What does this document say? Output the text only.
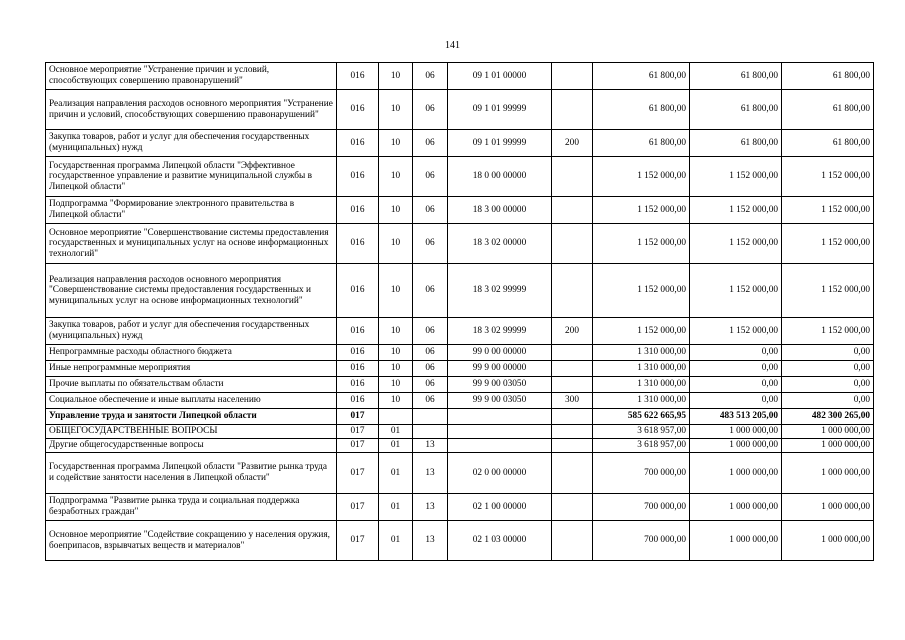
141
Основное мероприятие "Устранение причин и условий, способствующих совершению правонарушений"	016	10	06	09 1 01 00000		61 800,00	61 800,00	61 800,00
Реализация направления расходов основного мероприятия "Устранение причин и условий, способствующих совершению правонарушений"	016	10	06	09 1 01 99999		61 800,00	61 800,00	61 800,00
Закупка товаров, работ и услуг для обеспечения государственных (муниципальных) нужд	016	10	06	09 1 01 99999	200	61 800,00	61 800,00	61 800,00
Государственная программа Липецкой области "Эффективное государственное управление и развитие муниципальной службы в Липецкой области"	016	10	06	18 0 00 00000		1 152 000,00	1 152 000,00	1 152 000,00
Подпрограмма "Формирование электронного правительства в Липецкой области"	016	10	06	18 3 00 00000		1 152 000,00	1 152 000,00	1 152 000,00
Основное мероприятие "Совершенствование системы предоставления государственных и муниципальных услуг на основе информационных технологий"	016	10	06	18 3 02 00000		1 152 000,00	1 152 000,00	1 152 000,00
Реализация направления расходов основного мероприятия "Совершенствование системы предоставления государственных и муниципальных услуг на основе информационных технологий"	016	10	06	18 3 02 99999		1 152 000,00	1 152 000,00	1 152 000,00
Закупка товаров, работ и услуг для обеспечения государственных (муниципальных) нужд	016	10	06	18 3 02 99999	200	1 152 000,00	1 152 000,00	1 152 000,00
Непрограммные расходы областного бюджета	016	10	06	99 0 00 00000		1 310 000,00	0,00	0,00
Иные непрограммные мероприятия	016	10	06	99 9 00 00000		1 310 000,00	0,00	0,00
Прочие выплаты по обязательствам области	016	10	06	99 9 00 03050		1 310 000,00	0,00	0,00
Социальное обеспечение и иные выплаты населению	016	10	06	99 9 00 03050	300	1 310 000,00	0,00	0,00
Управление труда и занятости Липецкой области	017					585 622 665,95	483 513 205,00	482 300 265,00
ОБЩЕГОСУДАРСТВЕННЫЕ ВОПРОСЫ	017	01				3 618 957,00	1 000 000,00	1 000 000,00
Другие общегосударственные вопросы	017	01	13			3 618 957,00	1 000 000,00	1 000 000,00
Государственная программа Липецкой области "Развитие рынка труда и содействие занятости населения в Липецкой области"	017	01	13	02 0 00 00000		700 000,00	1 000 000,00	1 000 000,00
Подпрограмма "Развитие рынка труда и социальная поддержка безработных граждан"	017	01	13	02 1 00 00000		700 000,00	1 000 000,00	1 000 000,00
Основное мероприятие "Содействие сокращению у населения оружия, боеприпасов, взрывчатых веществ и материалов"	017	01	13	02 1 03 00000		700 000,00	1 000 000,00	1 000 000,00
